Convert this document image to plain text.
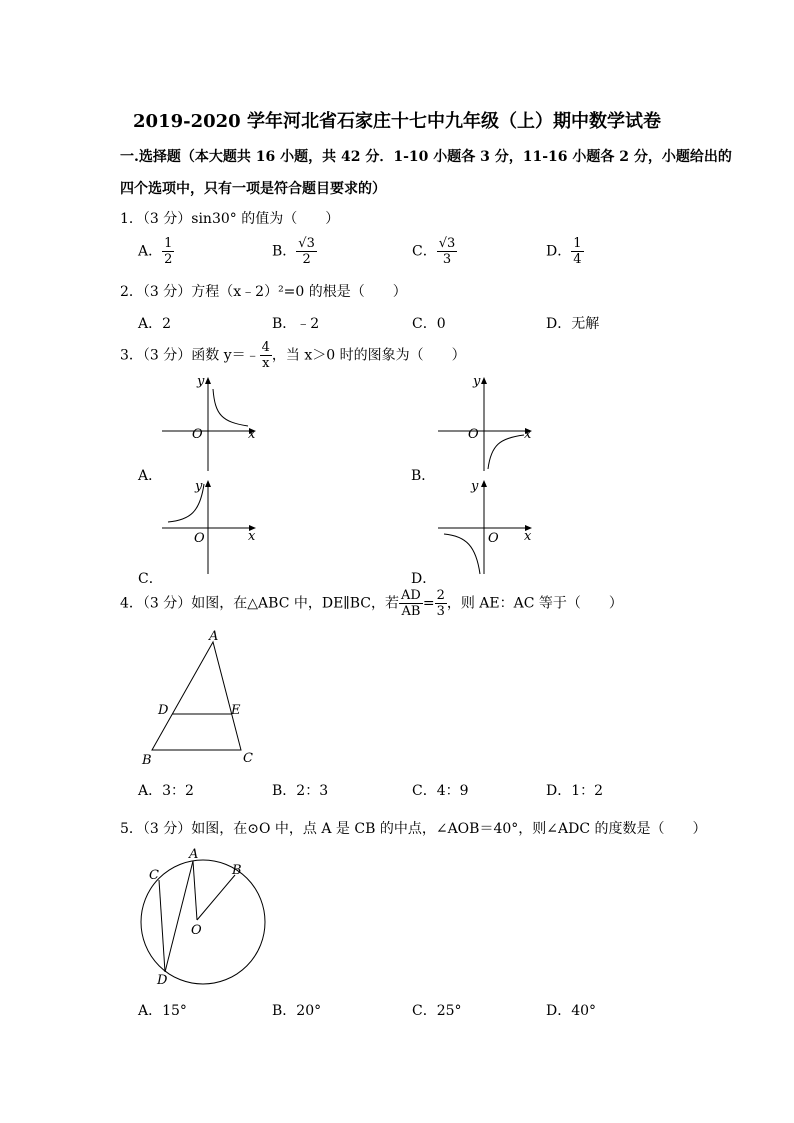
2019-2020 学年河北省石家庄十七中九年级（上）期中数学试卷
一.选择题（本大题共 16 小题，共 42 分．1-10 小题各 3 分，11-16 小题各 2 分，小题给出的
四个选项中，只有一项是符合题目要求的）
1．（3 分）sin30° 的值为（　　）
A． $\frac{1}{2}$	B． $\frac{√3}{2}$	C． $\frac{√3}{3}$	D． $\frac{1}{4}$
2．（3 分）方程（x﹣2）²=0 的根是（　　）
A．2	B．﹣2	C．0	D．无解
3．（3 分）函数 y＝﹣ $\frac{4}{x}$ ，当 x＞0 时的图象为（　　）
y
O	x
A．
y
O	x
B．
y
O	x
C．
y
O x
D．
4．（3 分）如图，在△ABC 中，DE∥BC，若 $\frac{AD}{AB} = \frac{2}{3}$ ，则 AE：AC 等于（　　）
A
D	E
B	C
A．3：2	B．2：3	C．4：9	D．1：2
5．（3 分）如图，在⊙O 中，点 A 是 CB 的中点，∠AOB＝40°，则∠ADC 的度数是（　　）
A
B
C
D
O
A．15°	B．20°	C．25°	D．40°
